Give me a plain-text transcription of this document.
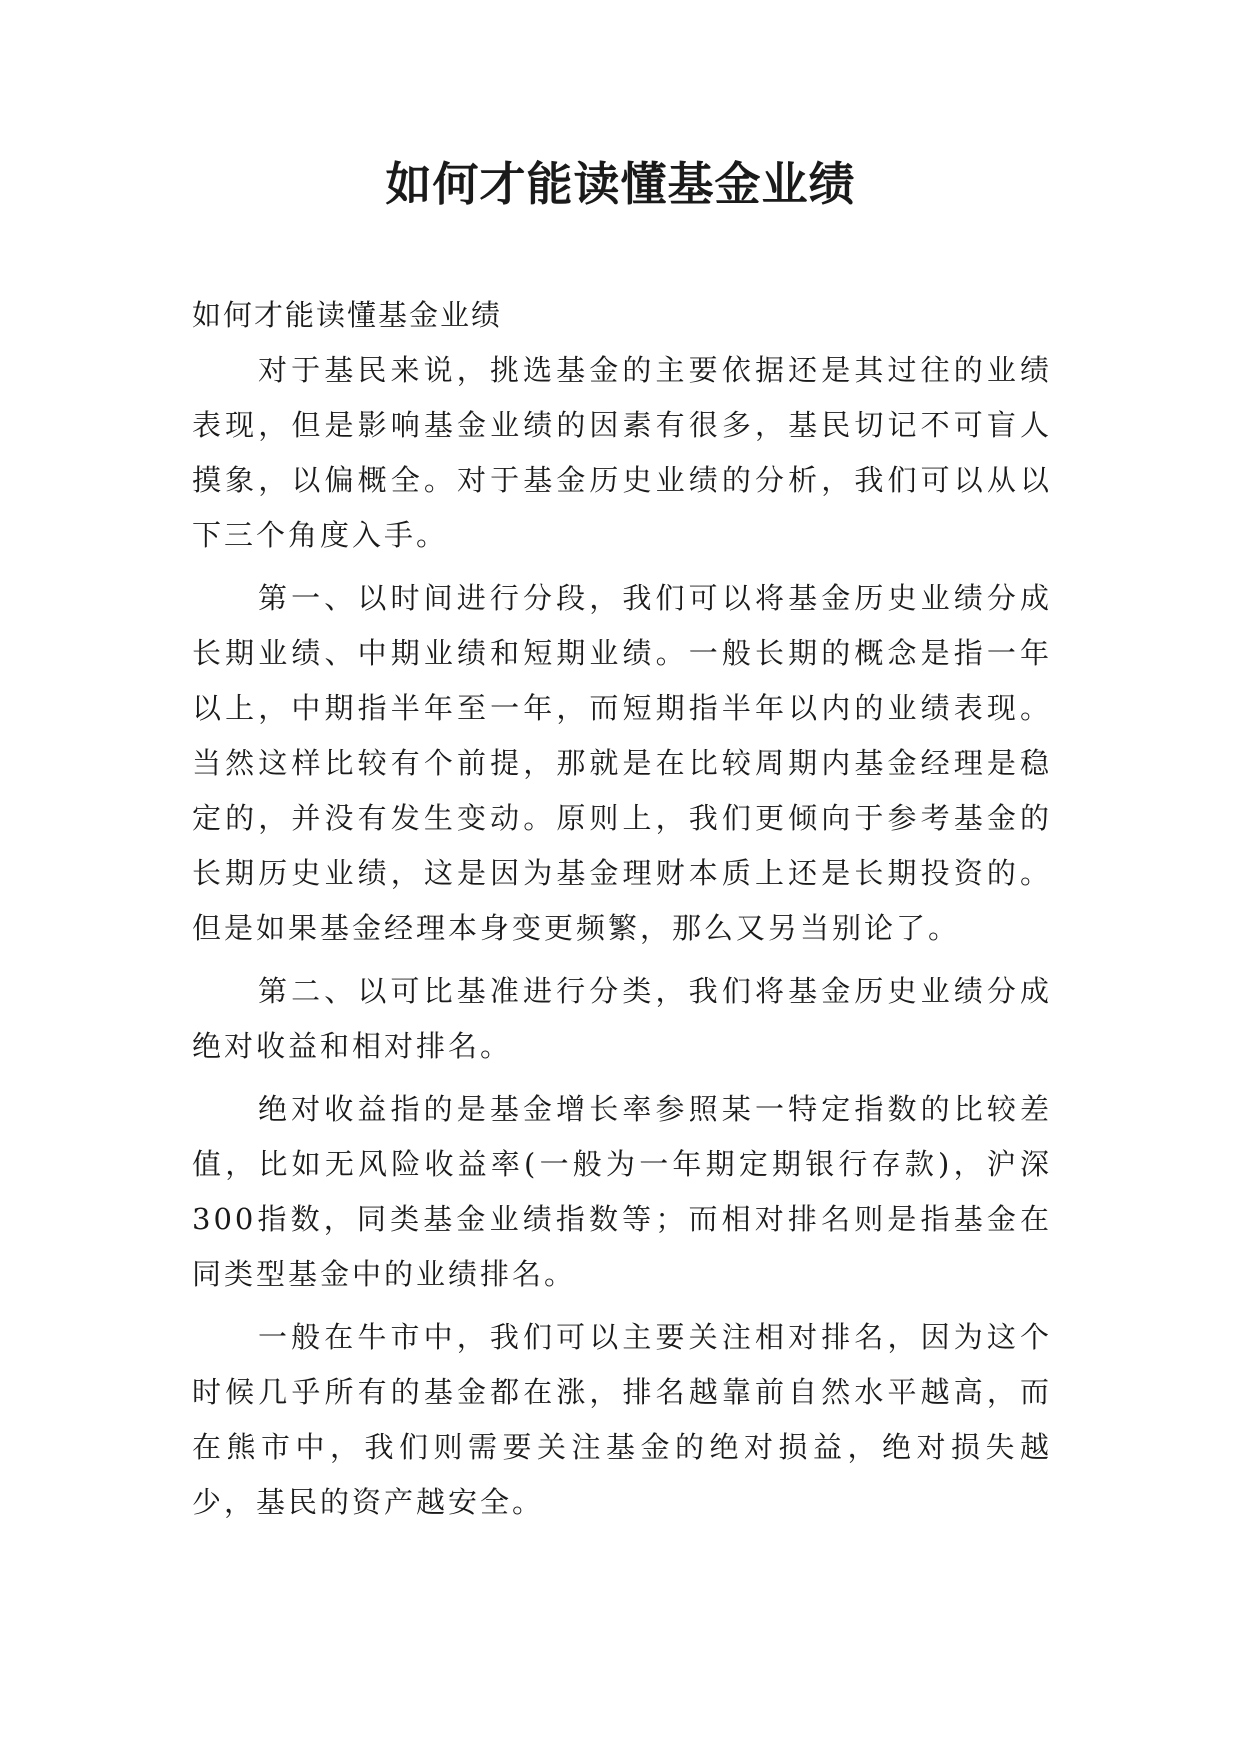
如何才能读懂基金业绩

如何才能读懂基金业绩

对于基民来说，挑选基金的主要依据还是其过往的业绩表现，但是影响基金业绩的因素有很多，基民切记不可盲人摸象，以偏概全。对于基金历史业绩的分析，我们可以从以下三个角度入手。

第一、以时间进行分段，我们可以将基金历史业绩分成长期业绩、中期业绩和短期业绩。一般长期的概念是指一年以上，中期指半年至一年，而短期指半年以内的业绩表现。当然这样比较有个前提，那就是在比较周期内基金经理是稳定的，并没有发生变动。原则上，我们更倾向于参考基金的长期历史业绩，这是因为基金理财本质上还是长期投资的。但是如果基金经理本身变更频繁，那么又另当别论了。

第二、以可比基准进行分类，我们将基金历史业绩分成绝对收益和相对排名。

绝对收益指的是基金增长率参照某一特定指数的比较差值，比如无风险收益率(一般为一年期定期银行存款)，沪深300指数，同类基金业绩指数等；而相对排名则是指基金在同类型基金中的业绩排名。

一般在牛市中，我们可以主要关注相对排名，因为这个时候几乎所有的基金都在涨，排名越靠前自然水平越高，而在熊市中，我们则需要关注基金的绝对损益，绝对损失越少，基民的资产越安全。
